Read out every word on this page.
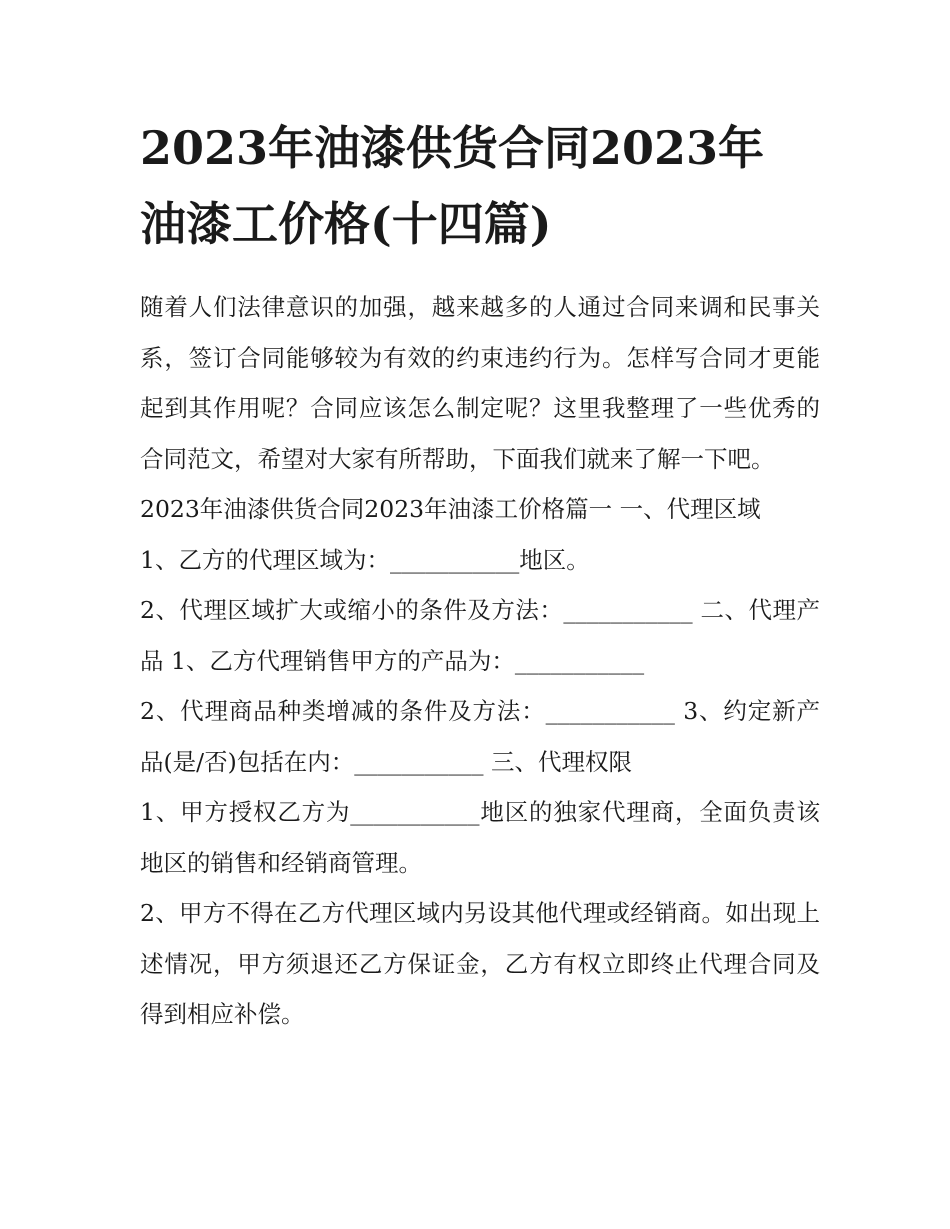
2023年油漆供货合同2023年
油漆工价格(十四篇)

随着人们法律意识的加强，越来越多的人通过合同来调和民事关系，签订合同能够较为有效的约束违约行为。怎样写合同才更能起到其作用呢？合同应该怎么制定呢？这里我整理了一些优秀的合同范文，希望对大家有所帮助，下面我们就来了解一下吧。

2023年油漆供货合同2023年油漆工价格篇一 一、代理区域

1、乙方的代理区域为：___________地区。

2、代理区域扩大或缩小的条件及方法：___________ 二、代理产品 1、乙方代理销售甲方的产品为：___________

2、代理商品种类增减的条件及方法：___________ 3、约定新产品(是/否)包括在内：___________ 三、代理权限

1、甲方授权乙方为___________地区的独家代理商，全面负责该地区的销售和经销商管理。

2、甲方不得在乙方代理区域内另设其他代理或经销商。如出现上述情况，甲方须退还乙方保证金，乙方有权立即终止代理合同及得到相应补偿。
